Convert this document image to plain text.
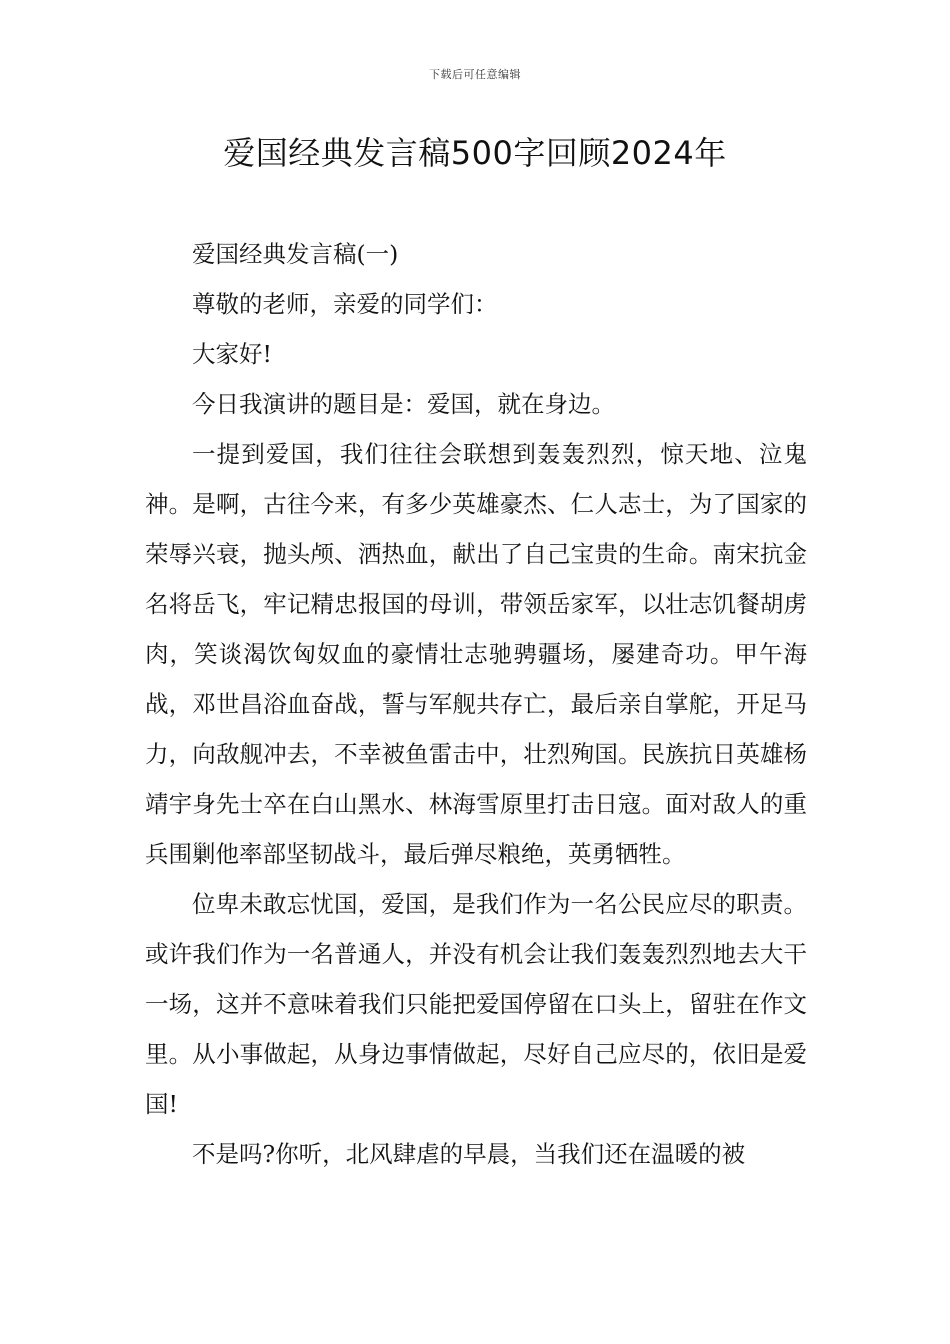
下载后可任意编辑
爱国经典发言稿500字回顾2024年

爱国经典发言稿(一)

尊敬的老师，亲爱的同学们：

大家好!

今日我演讲的题目是：爱国，就在身边。

一提到爱国，我们往往会联想到轰轰烈烈，惊天地、泣鬼神。是啊，古往今来，有多少英雄豪杰、仁人志士，为了国家的荣辱兴衰，抛头颅、洒热血，献出了自己宝贵的生命。南宋抗金名将岳飞，牢记精忠报国的母训，带领岳家军，以壮志饥餐胡虏肉，笑谈渴饮匈奴血的豪情壮志驰骋疆场，屡建奇功。甲午海战，邓世昌浴血奋战，誓与军舰共存亡，最后亲自掌舵，开足马力，向敌舰冲去，不幸被鱼雷击中，壮烈殉国。民族抗日英雄杨靖宇身先士卒在白山黑水、林海雪原里打击日寇。面对敌人的重兵围剿他率部坚韧战斗，最后弹尽粮绝，英勇牺牲。

位卑未敢忘忧国，爱国，是我们作为一名公民应尽的职责。或许我们作为一名普通人，并没有机会让我们轰轰烈烈地去大干一场，这并不意味着我们只能把爱国停留在口头上，留驻在作文里。从小事做起，从身边事情做起，尽好自己应尽的，依旧是爱国!

不是吗?你听，北风肆虐的早晨，当我们还在温暖的被
